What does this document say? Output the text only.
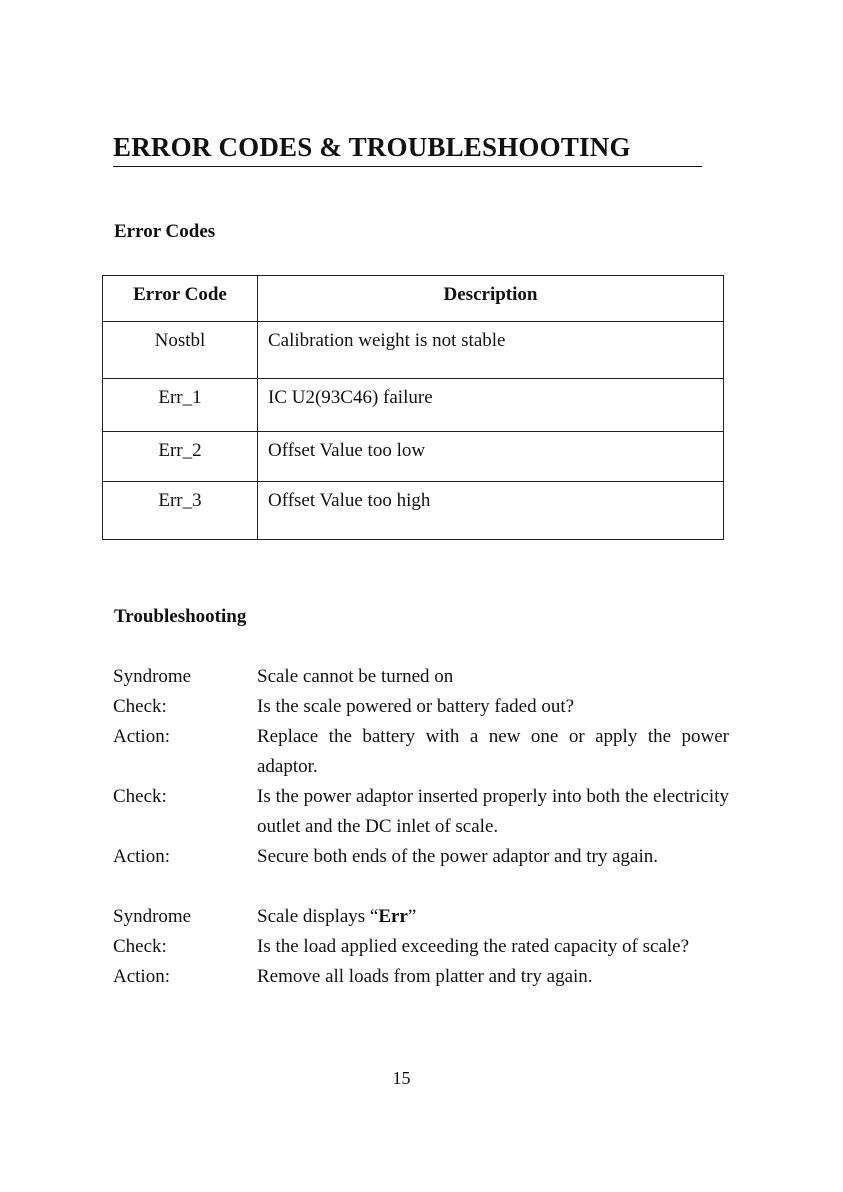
ERROR CODES & TROUBLESHOOTING
Error Codes
Error Code	Description
Nostbl	Calibration weight is not stable
Err_1	IC U2(93C46) failure
Err_2	Offset Value too low
Err_3	Offset Value too high
Troubleshooting
Syndrome	Scale cannot be turned on
Check:	Is the scale powered or battery faded out?
Action:	Replace the battery with a new one or apply the power adaptor.
Check:	Is the power adaptor inserted properly into both the electricity outlet and the DC inlet of scale.
Action:	Secure both ends of the power adaptor and try again.
Syndrome	Scale displays “Err”
Check:	Is the load applied exceeding the rated capacity of scale?
Action:	Remove all loads from platter and try again.
15
